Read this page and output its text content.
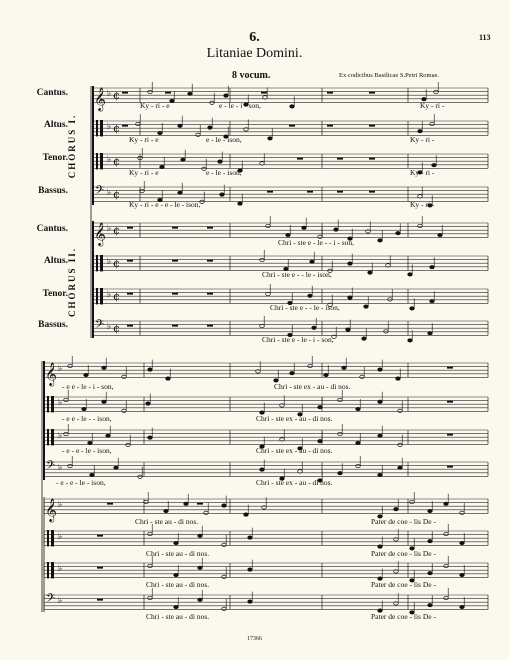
113
6.
Litaniae Domini.
8 vocum.	Ex codicibus Basilicae S.Petri Romae.
17366
Cantus.
Altus.
Tenor.
Bassus.
Cantus.
Altus.
Tenor.
Bassus.
CHORUS I.
CHORUS II.
𝄞 ♭ ¢
♭ ¢
♭ ¢
𝄢 ♭ ¢
𝄞 ♭ ¢
♭ ¢
♭ ¢
𝄢 ♭ ¢
𝄞 ♭
♭
♭
𝄢 ♭
𝄞 ♭
♭
♭
𝄢 ♭
Ky - ri - e	e - le - i - son,	Ky - ri -
Ky - ri - e	e - le - ison,	Ky - ri -
Ky - ri - e	e - le - ison,	Ky - ri -
Ky - ri - e - e - le - ison,	Ky - ri -
Chri - ste e - le - - i - son,
Chri - ste e - - le - ison,
Chri - ste e - - le - ison,
Chri - ste e - le - i - son,
- e e - le - i - son,	Chri - ste ex - au - di nos.
- e e - le - - ison,	Chri - ste ex - au - di nos.
- e - e - le - ison,	Chri - ste ex - au - di nos.
- e - e - le - ison,	Chri - ste ex - au - di nos.
Chri - ste au - di nos.	Pater de coe - lis De -
Chri - ste au - di nos.	Pater de coe - lis De -
Chri - ste au - di nos.	Pater de coe - lis De -
Chri - ste au - di nos.	Pater de coe - lis De -
